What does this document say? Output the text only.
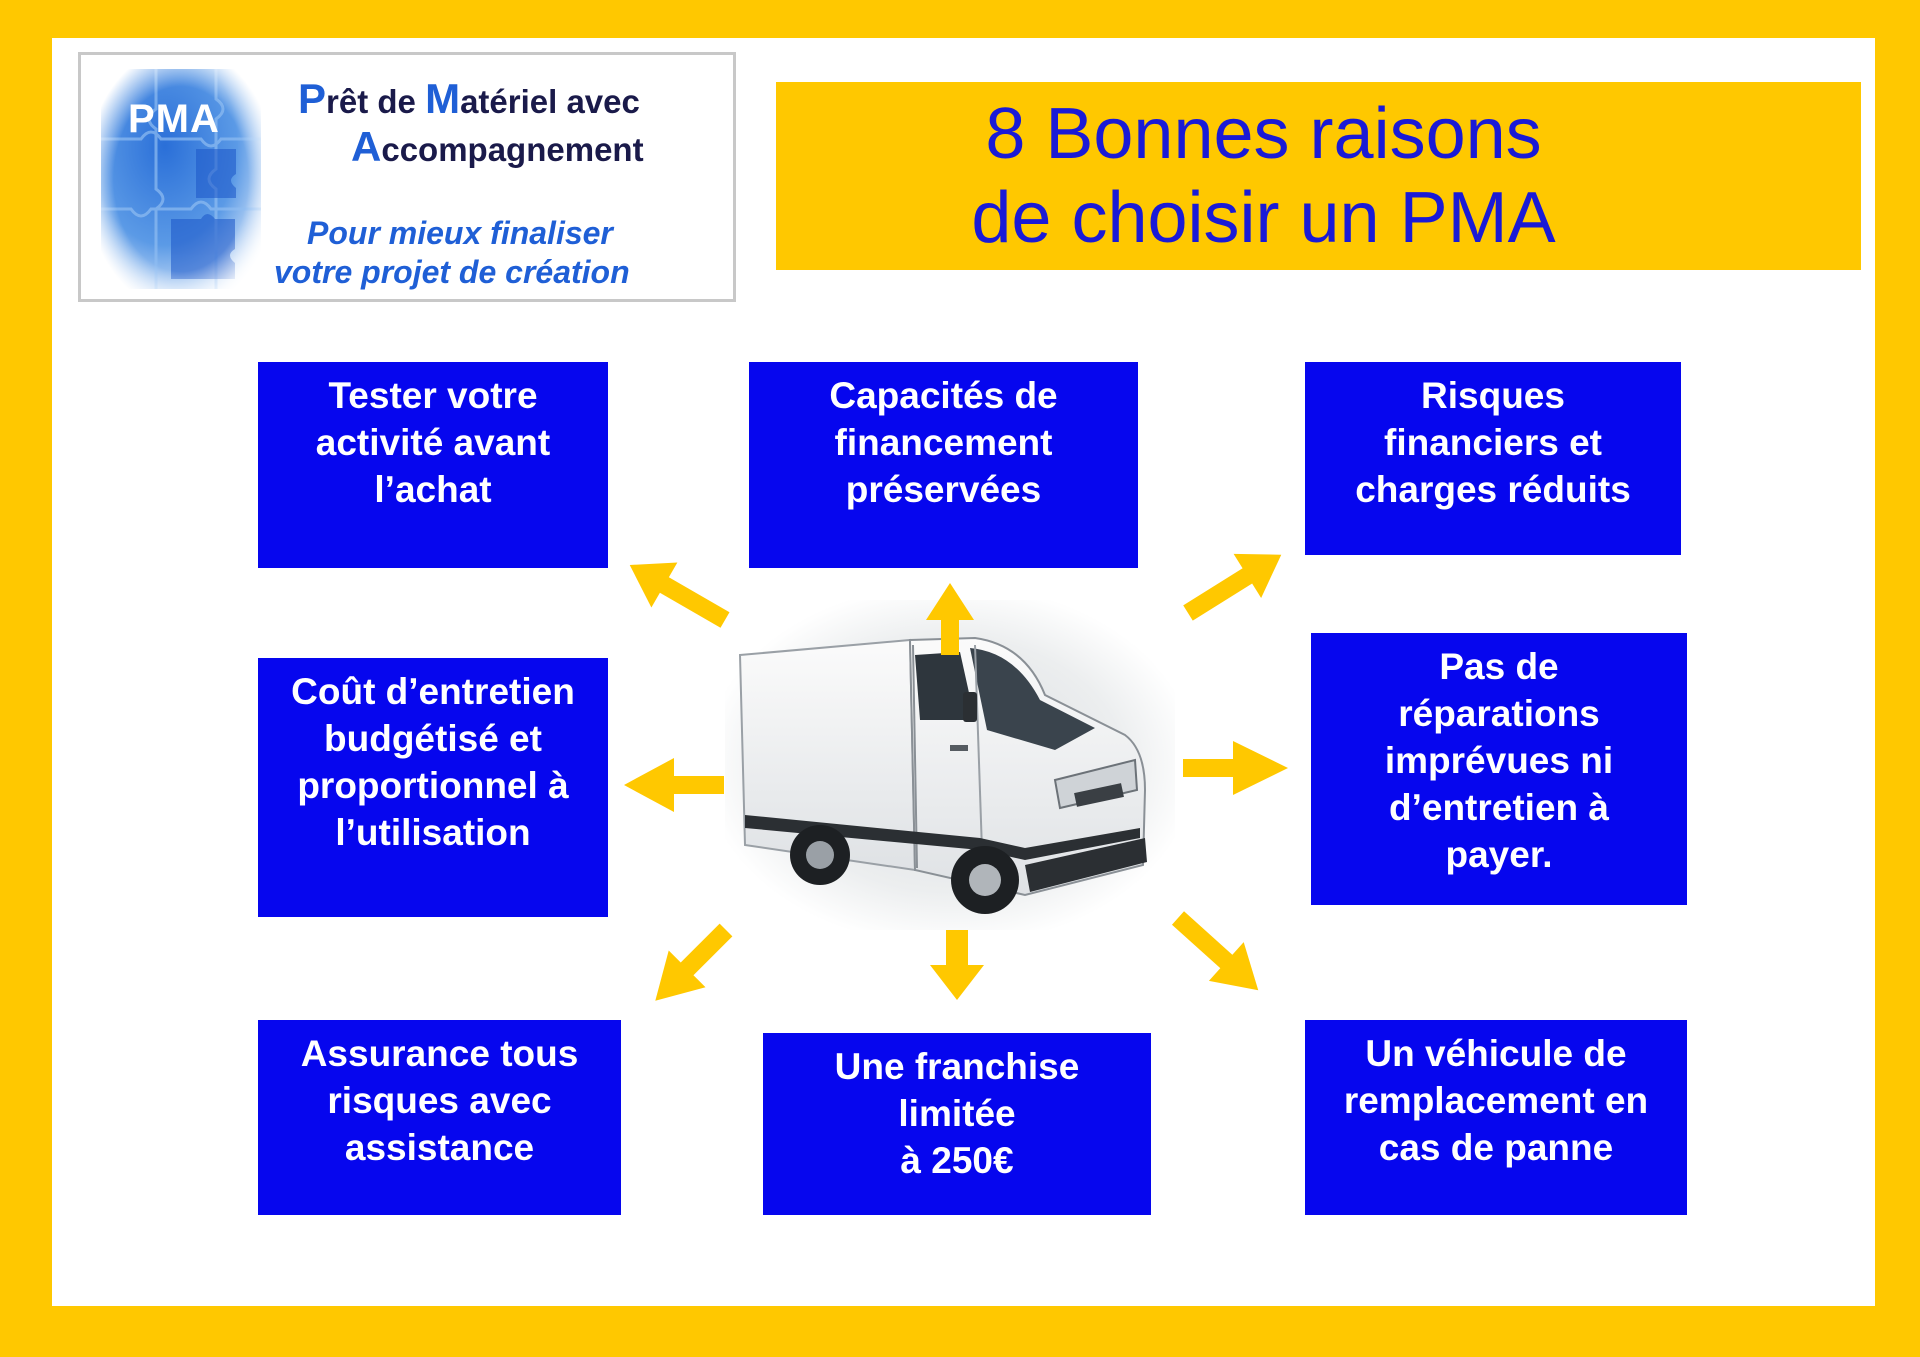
PMA Prêt de Matériel avec
Accompagnement
Pour mieux finaliser
votre projet de création
8 Bonnes raisons
de choisir un PMA
Tester votre
activité avant
l’achat
Capacités de
financement
préservées
Risques
financiers et
charges réduits
Coût d’entretien
budgétisé et
proportionnel à
l’utilisation
Pas de
réparations
imprévues ni
d’entretien à
payer.
Assurance tous
risques avec
assistance
Une franchise
limitée
à 250€
Un véhicule de
remplacement en
cas de panne
